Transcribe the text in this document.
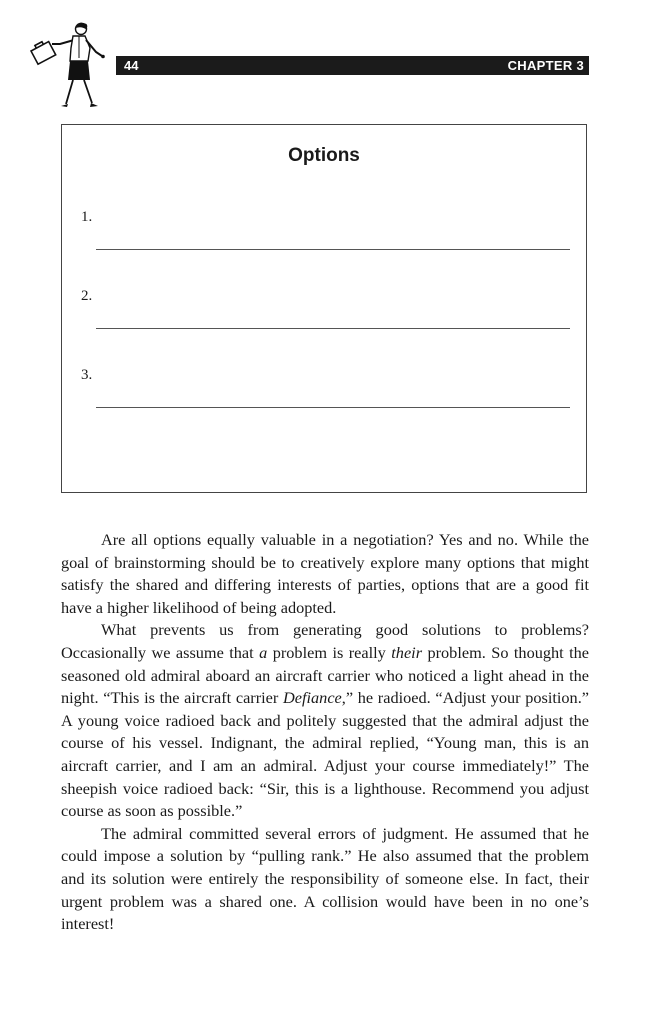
44	CHAPTER 3
Options
1.
2.
3.

Are all options equally valuable in a negotiation? Yes and no. While the goal of brainstorming should be to creatively explore many options that might satisfy the shared and differing interests of parties, options that are a good fit have a higher likelihood of being adopted.

What prevents us from generating good solutions to problems? Occasionally we assume that a problem is really their problem. So thought the seasoned old admiral aboard an aircraft carrier who noticed a light ahead in the night. “This is the aircraft carrier Defiance,” he radioed. “Adjust your position.” A young voice radioed back and politely suggested that the admiral adjust the course of his vessel. Indignant, the admiral replied, “Young man, this is an aircraft carrier, and I am an admiral. Adjust your course immediately!” The sheepish voice radioed back: “Sir, this is a lighthouse. Recommend you adjust course as soon as possible.”

The admiral committed several errors of judgment. He assumed that he could impose a solution by “pulling rank.” He also assumed that the problem and its solution were entirely the responsibility of someone else. In fact, their urgent problem was a shared one. A collision would have been in no one’s interest!
